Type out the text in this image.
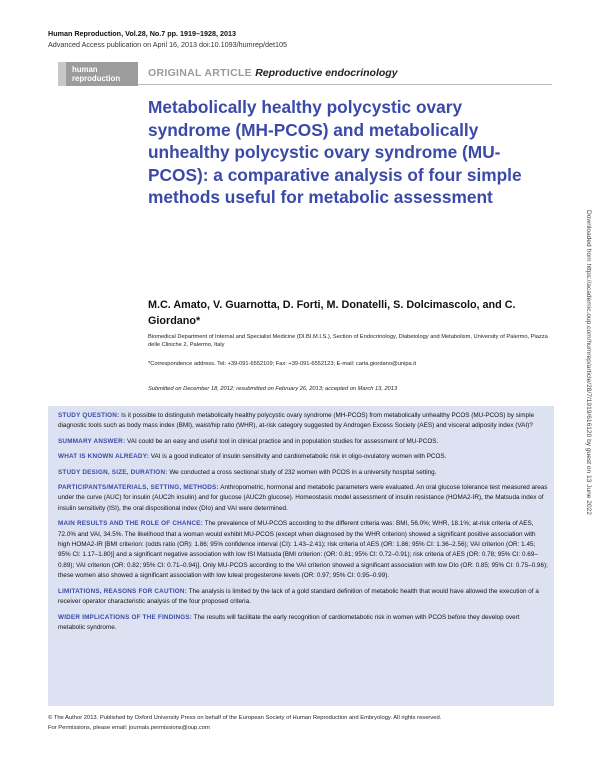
Human Reproduction, Vol.28, No.7 pp. 1919–1928, 2013
Advanced Access publication on April 16, 2013 doi:10.1093/humrep/det105
human
reproduction	ORIGINAL ARTICLE Reproductive endocrinology
Metabolically healthy polycystic ovary syndrome (MH-PCOS) and metabolically unhealthy polycystic ovary syndrome (MU-PCOS): a comparative analysis of four simple methods useful for metabolic assessment
M.C. Amato, V. Guarnotta, D. Forti, M. Donatelli, S. Dolcimascolo, and C. Giordano*
Biomedical Department of Internal and Specialist Medicine (DI.BI.M.I.S.), Section of Endocrinology, Diabetology and Metabolism, University of Palermo, Piazza delle Cliniche 2, Palermo, Italy
*Correspondence address. Tel: +39-091-6552109; Fax: +39-091-6552123; E-mail: carla.giordano@unipa.it
Submitted on December 18, 2012; resubmitted on February 26, 2013; accepted on March 13, 2013

STUDY QUESTION: Is it possible to distinguish metabolically healthy polycystic ovary syndrome (MH-PCOS) from metabolically unhealthy PCOS (MU-PCOS) by simple diagnostic tools such as body mass index (BMI), waist/hip ratio (WHR), at-risk category suggested by Androgen Excess Society (AES) and visceral adiposity index (VAI)?

SUMMARY ANSWER: VAI could be an easy and useful tool in clinical practice and in population studies for assessment of MU-PCOS.

WHAT IS KNOWN ALREADY: VAI is a good indicator of insulin sensitivity and cardiometabolic risk in oligo-ovulatory women with PCOS.

STUDY DESIGN, SIZE, DURATION: We conducted a cross sectional study of 232 women with PCOS in a university hospital setting.

PARTICIPANTS/MATERIALS, SETTING, METHODS: Anthropometric, hormonal and metabolic parameters were evaluated. An oral glucose tolerance test measured areas under the curve (AUC) for insulin (AUC2h insulin) and for glucose (AUC2h glucose). Homeostasis model assessment of insulin resistance (HOMA2-IR), the Matsuda index of insulin sensitivity (ISI), the oral dispositional index (DIo) and VAI were determined.

MAIN RESULTS AND THE ROLE OF CHANCE: The prevalence of MU-PCOS according to the different criteria was: BMI, 56.0%; WHR, 18.1%; at-risk criteria of AES, 72.0% and VAI, 34.5%. The likelihood that a woman would exhibit MU-PCOS (except when diagnosed by the WHR criterion) showed a significant positive association with high HOMA2-IR [BMI criterion: (odds ratio (OR): 1.86; 95% confidence interval (CI): 1.43–2.41); risk criteria of AES (OR: 1.86; 95% CI: 1.36–2.56); VAI criterion (OR: 1.45; 95% CI: 1.17–1.80)] and a significant negative association with low ISI Matsuda [BMI criterion: (OR: 0.81; 95% CI: 0.72–0.91); risk criteria of AES (OR: 0.78; 95% CI: 0.69–0.89); VAI criterion (OR: 0.82; 95% CI: 0.71–0.94)]. Only MU-PCOS according to the VAI criterion showed a significant association with low DIo (OR: 0.85; 95% CI: 0.75–0.96); these women also showed a significant association with low luteal progesterone levels (OR: 0.97; 95% CI: 0.95–0.99).

LIMITATIONS, REASONS FOR CAUTION: The analysis is limited by the lack of a gold standard definition of metabolic health that would have allowed the execution of a receiver operator characteristic analysis of the four proposed criteria.

WIDER IMPLICATIONS OF THE FINDINGS: The results will facilitate the early recognition of cardiometabolic risk in women with PCOS before they develop overt metabolic syndrome.

© The Author 2013. Published by Oxford University Press on behalf of the European Society of Human Reproduction and Embryology. All rights reserved.
For Permissions, please email: journals.permissions@oup.com
Downloaded from https://academic.oup.com/humrep/article/28/7/1919/616120 by guest on 13 June 2022
